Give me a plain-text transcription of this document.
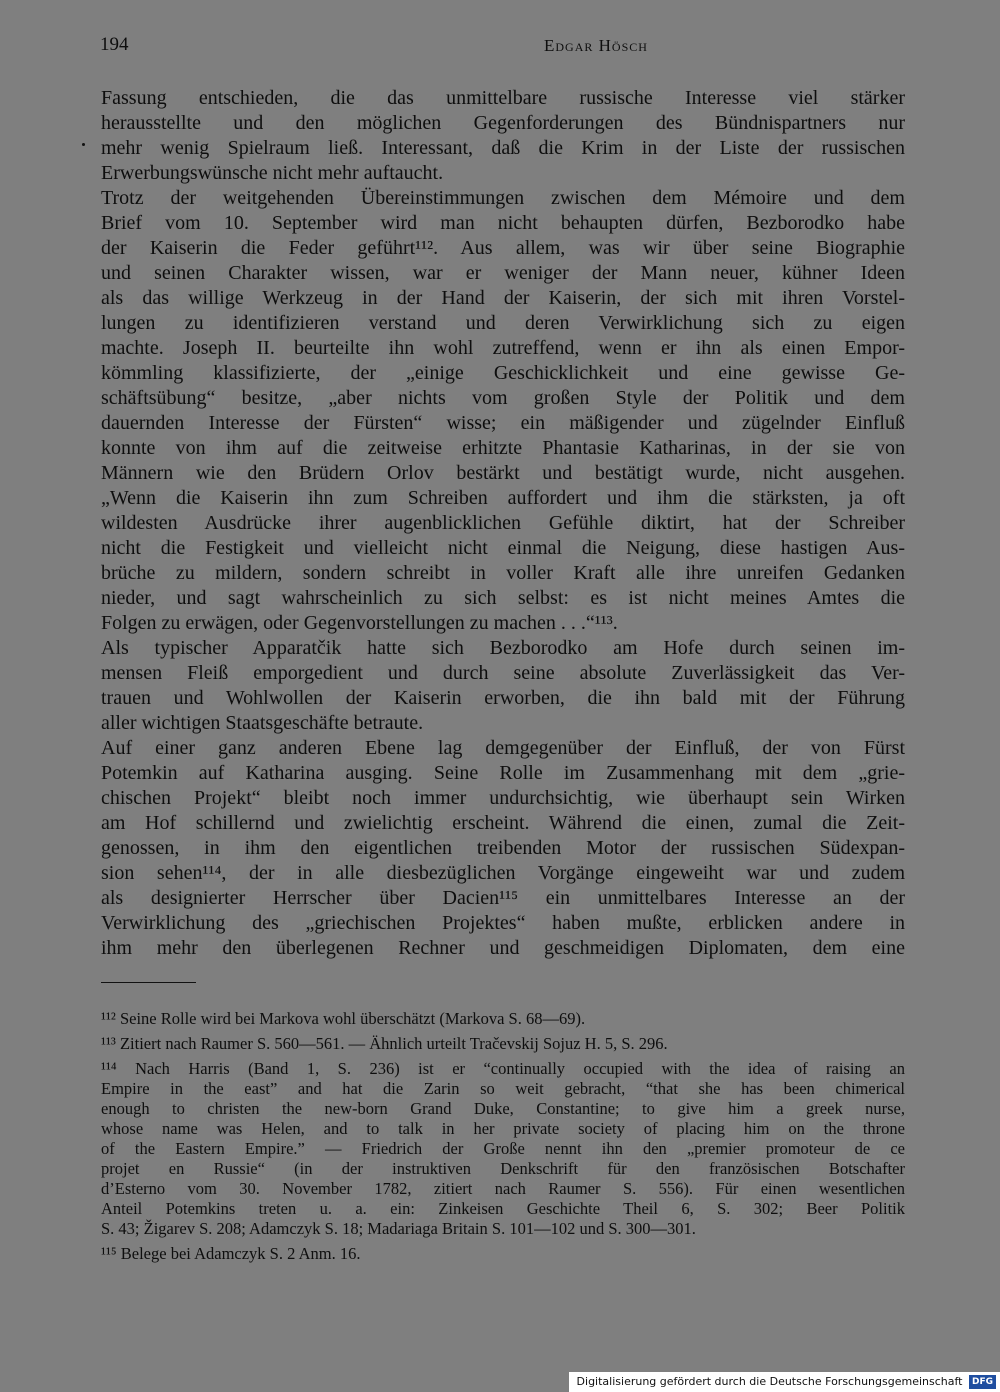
194	Edgar Hösch
Fassung entschieden, die das unmittelbare russische Interesse viel stärker
herausstellte und den möglichen Gegenforderungen des Bündnispartners nur
mehr wenig Spielraum ließ. Interessant, daß die Krim in der Liste der russischen
Erwerbungswünsche nicht mehr auftaucht.
Trotz der weitgehenden Übereinstimmungen zwischen dem Mémoire und dem
Brief vom 10. September wird man nicht behaupten dürfen, Bezborodko habe
der Kaiserin die Feder geführt¹¹². Aus allem, was wir über seine Biographie
und seinen Charakter wissen, war er weniger der Mann neuer, kühner Ideen
als das willige Werkzeug in der Hand der Kaiserin, der sich mit ihren Vorstel-
lungen zu identifizieren verstand und deren Verwirklichung sich zu eigen
machte. Joseph II. beurteilte ihn wohl zutreffend, wenn er ihn als einen Empor-
kömmling klassifizierte, der „einige Geschicklichkeit und eine gewisse Ge-
schäftsübung“ besitze, „aber nichts vom großen Style der Politik und dem
dauernden Interesse der Fürsten“ wisse; ein mäßigender und zügelnder Einfluß
konnte von ihm auf die zeitweise erhitzte Phantasie Katharinas, in der sie von
Männern wie den Brüdern Orlov bestärkt und bestätigt wurde, nicht ausgehen.
„Wenn die Kaiserin ihn zum Schreiben auffordert und ihm die stärksten, ja oft
wildesten Ausdrücke ihrer augenblicklichen Gefühle diktirt, hat der Schreiber
nicht die Festigkeit und vielleicht nicht einmal die Neigung, diese hastigen Aus-
brüche zu mildern, sondern schreibt in voller Kraft alle ihre unreifen Gedanken
nieder, und sagt wahrscheinlich zu sich selbst: es ist nicht meines Amtes die
Folgen zu erwägen, oder Gegenvorstellungen zu machen . . .“¹¹³.
Als typischer Apparatčik hatte sich Bezborodko am Hofe durch seinen im-
mensen Fleiß emporgedient und durch seine absolute Zuverlässigkeit das Ver-
trauen und Wohlwollen der Kaiserin erworben, die ihn bald mit der Führung
aller wichtigen Staatsgeschäfte betraute.
Auf einer ganz anderen Ebene lag demgegenüber der Einfluß, der von Fürst
Potemkin auf Katharina ausging. Seine Rolle im Zusammenhang mit dem „grie-
chischen Projekt“ bleibt noch immer undurchsichtig, wie überhaupt sein Wirken
am Hof schillernd und zwielichtig erscheint. Während die einen, zumal die Zeit-
genossen, in ihm den eigentlichen treibenden Motor der russischen Südexpan-
sion sehen¹¹⁴, der in alle diesbezüglichen Vorgänge eingeweiht war und zudem
als designierter Herrscher über Dacien¹¹⁵ ein unmittelbares Interesse an der
Verwirklichung des „griechischen Projektes“ haben mußte, erblicken andere in
ihm mehr den überlegenen Rechner und geschmeidigen Diplomaten, dem eine
¹¹² Seine Rolle wird bei Markova wohl überschätzt (Markova S. 68—69).
¹¹³ Zitiert nach Raumer S. 560—561. — Ähnlich urteilt Tračevskij Sojuz H. 5, S. 296.
¹¹⁴ Nach Harris (Band 1, S. 236) ist er “continually occupied with the idea of raising an
Empire in the east” and hat die Zarin so weit gebracht, “that she has been chimerical
enough to christen the new-born Grand Duke, Constantine; to give him a greek nurse,
whose name was Helen, and to talk in her private society of placing him on the throne
of the Eastern Empire.” — Friedrich der Große nennt ihn den „premier promoteur de ce
projet en Russie“ (in der instruktiven Denkschrift für den französischen Botschafter
d’Esterno vom 30. November 1782, zitiert nach Raumer S. 556). Für einen wesentlichen
Anteil Potemkins treten u. a. ein: Zinkeisen Geschichte Theil 6, S. 302; Beer Politik
S. 43; Žigarev S. 208; Adamczyk S. 18; Madariaga Britain S. 101—102 und S. 300—301.
¹¹⁵ Belege bei Adamczyk S. 2 Anm. 16.
Digitalisierung gefördert durch die Deutsche Forschungsgemeinschaft DFG
